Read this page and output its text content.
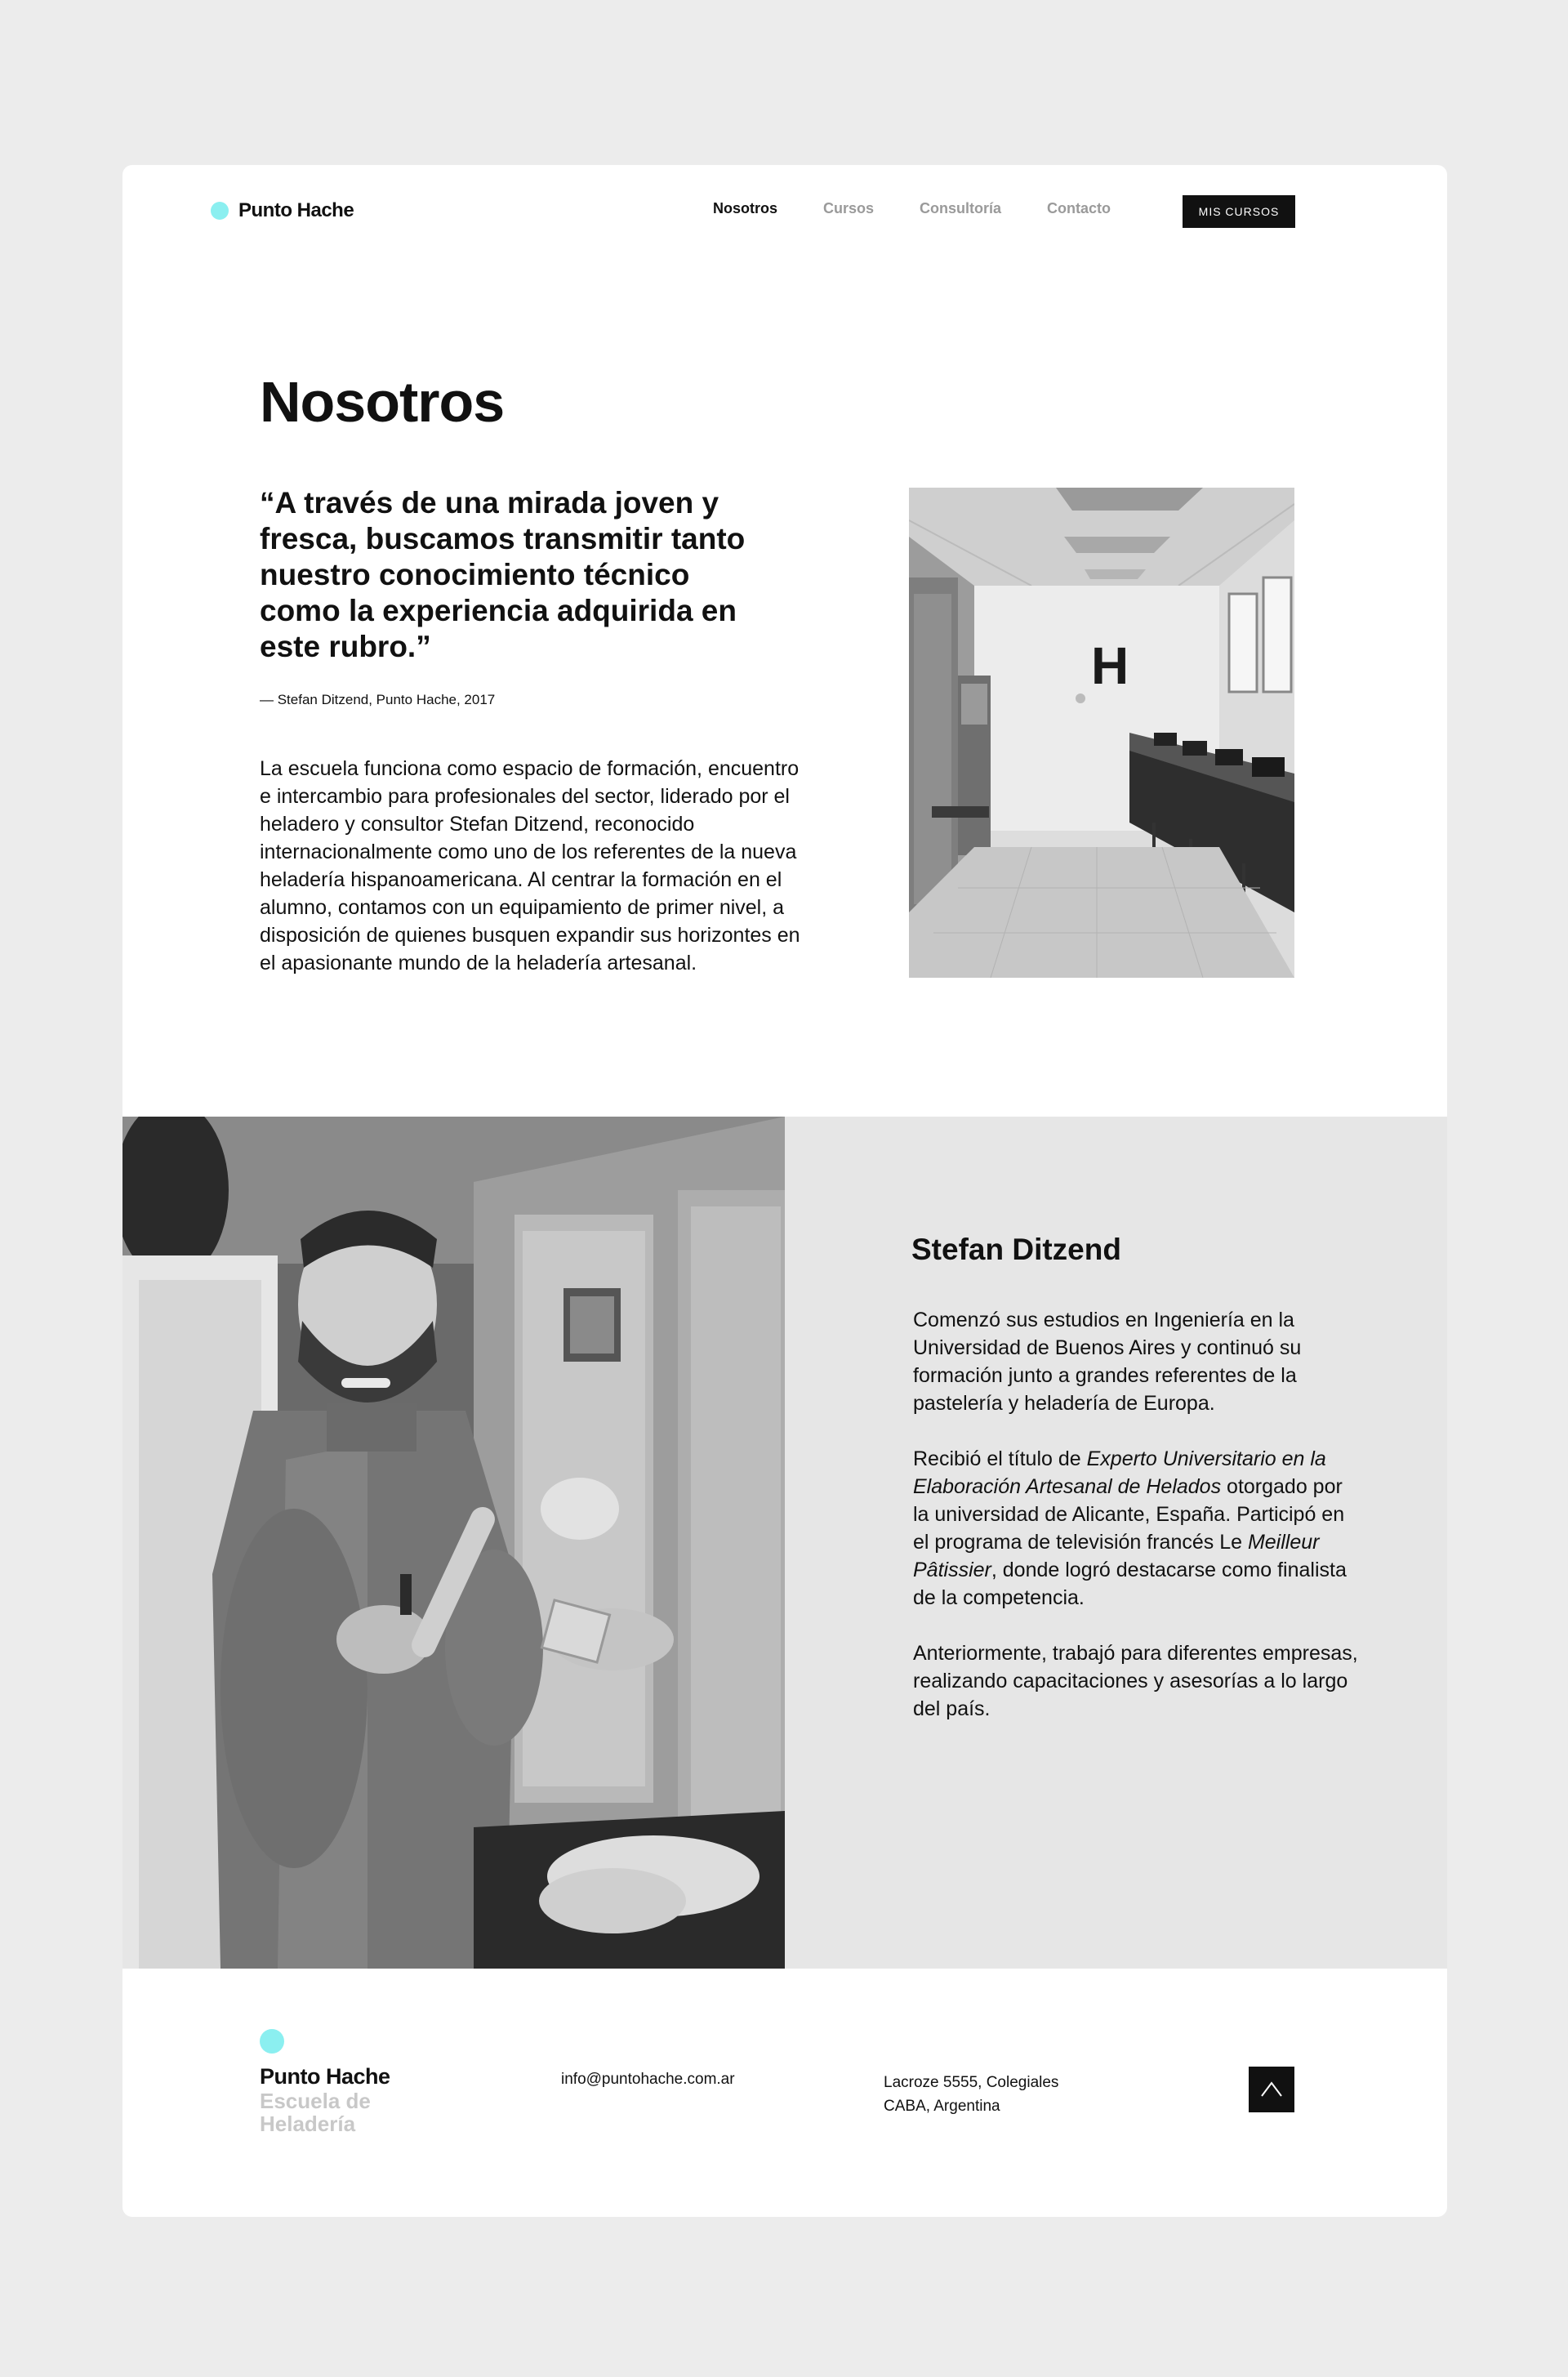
Punto Hache	Nosotros	Cursos	Consultoría	Contacto	MIS CURSOS
Nosotros

“A través de una mirada joven y fresca, buscamos transmitir tanto nuestro conocimiento técnico como la experiencia adquirida en este rubro.”

— Stefan Ditzend, Punto Hache, 2017

La escuela funciona como espacio de formación, encuentro e intercambio para profesionales del sector, liderado por el heladero y consultor Stefan Ditzend, reconocido internacionalmente como uno de los referentes de la nueva heladería hispanoamericana. Al centrar la formación en el alumno, contamos con un equipamiento de primer nivel, a disposición de quienes busquen expandir sus horizontes en el apasionante mundo de la heladería artesanal.

H
Stefan Ditzend

Comenzó sus estudios en Ingeniería en la Universidad de Buenos Aires y continuó su formación junto a grandes referentes de la pastelería y heladería de Europa.

Recibió el título de Experto Universitario en la Elaboración Artesanal de Helados otorgado por la universidad de Alicante, España. Participó en el programa de televisión francés Le Meilleur Pâtissier, donde logró destacarse como finalista de la competencia.

Anteriormente, trabajó para diferentes empresas, realizando capacitaciones y asesorías a lo largo del país.

Punto Hache
Escuela de Heladería
info@puntohache.com.ar	Lacroze 5555, Colegiales
CABA, Argentina
